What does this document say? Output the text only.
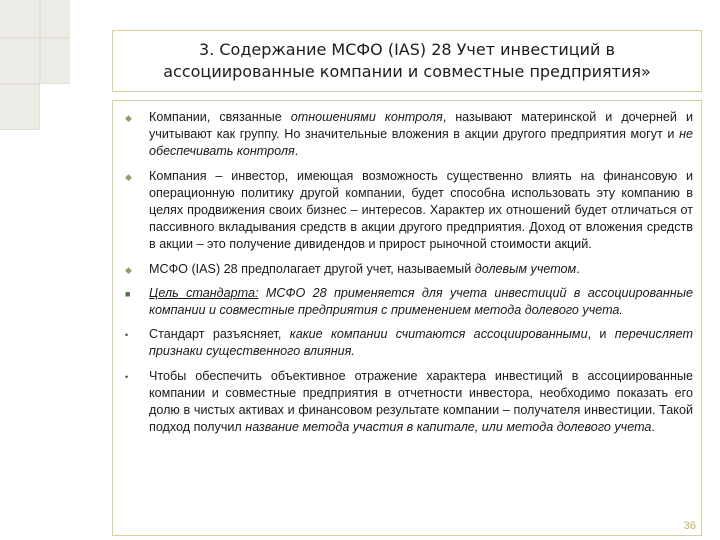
3. Содержание МСФО (IAS) 28 Учет инвестиций в ассоциированные компании и совместные предприятия»
◆
Компании, связанные отношениями контроля, называют материнской и дочерней и учитывают как группу. Но значительные вложения в акции другого предприятия могут и не обеспечивать контроля.
◆
Компания – инвестор, имеющая возможность существенно влиять на финансовую и операционную политику другой компании, будет способна использовать эту компанию в целях продвижения своих бизнес – интересов. Характер их отношений будет отличаться от пассивного вкладывания средств в акции другого предприятия. Доход от вложения средств в акции – это получение дивидендов и прирост рыночной стоимости акций.
◆
МСФО (IAS) 28 предполагает другой учет, называемый долевым учетом.
■
Цель стандарта: МСФО 28 применяется для учета инвестиций в ассоциированные компании и совместные предприятия с применением метода долевого учета.
•
Стандарт разъясняет, какие компании считаются ассоциированными, и перечисляет признаки существенного влияния.
•
Чтобы обеспечить объективное отражение характера инвестиций в ассоциированные компании и совместные предприятия в отчетности инвестора, необходимо показать его долю в чистых активах и финансовом результате компании – получателя инвестиции. Такой подход получил название метода участия в капитале, или метода долевого учета.
36
